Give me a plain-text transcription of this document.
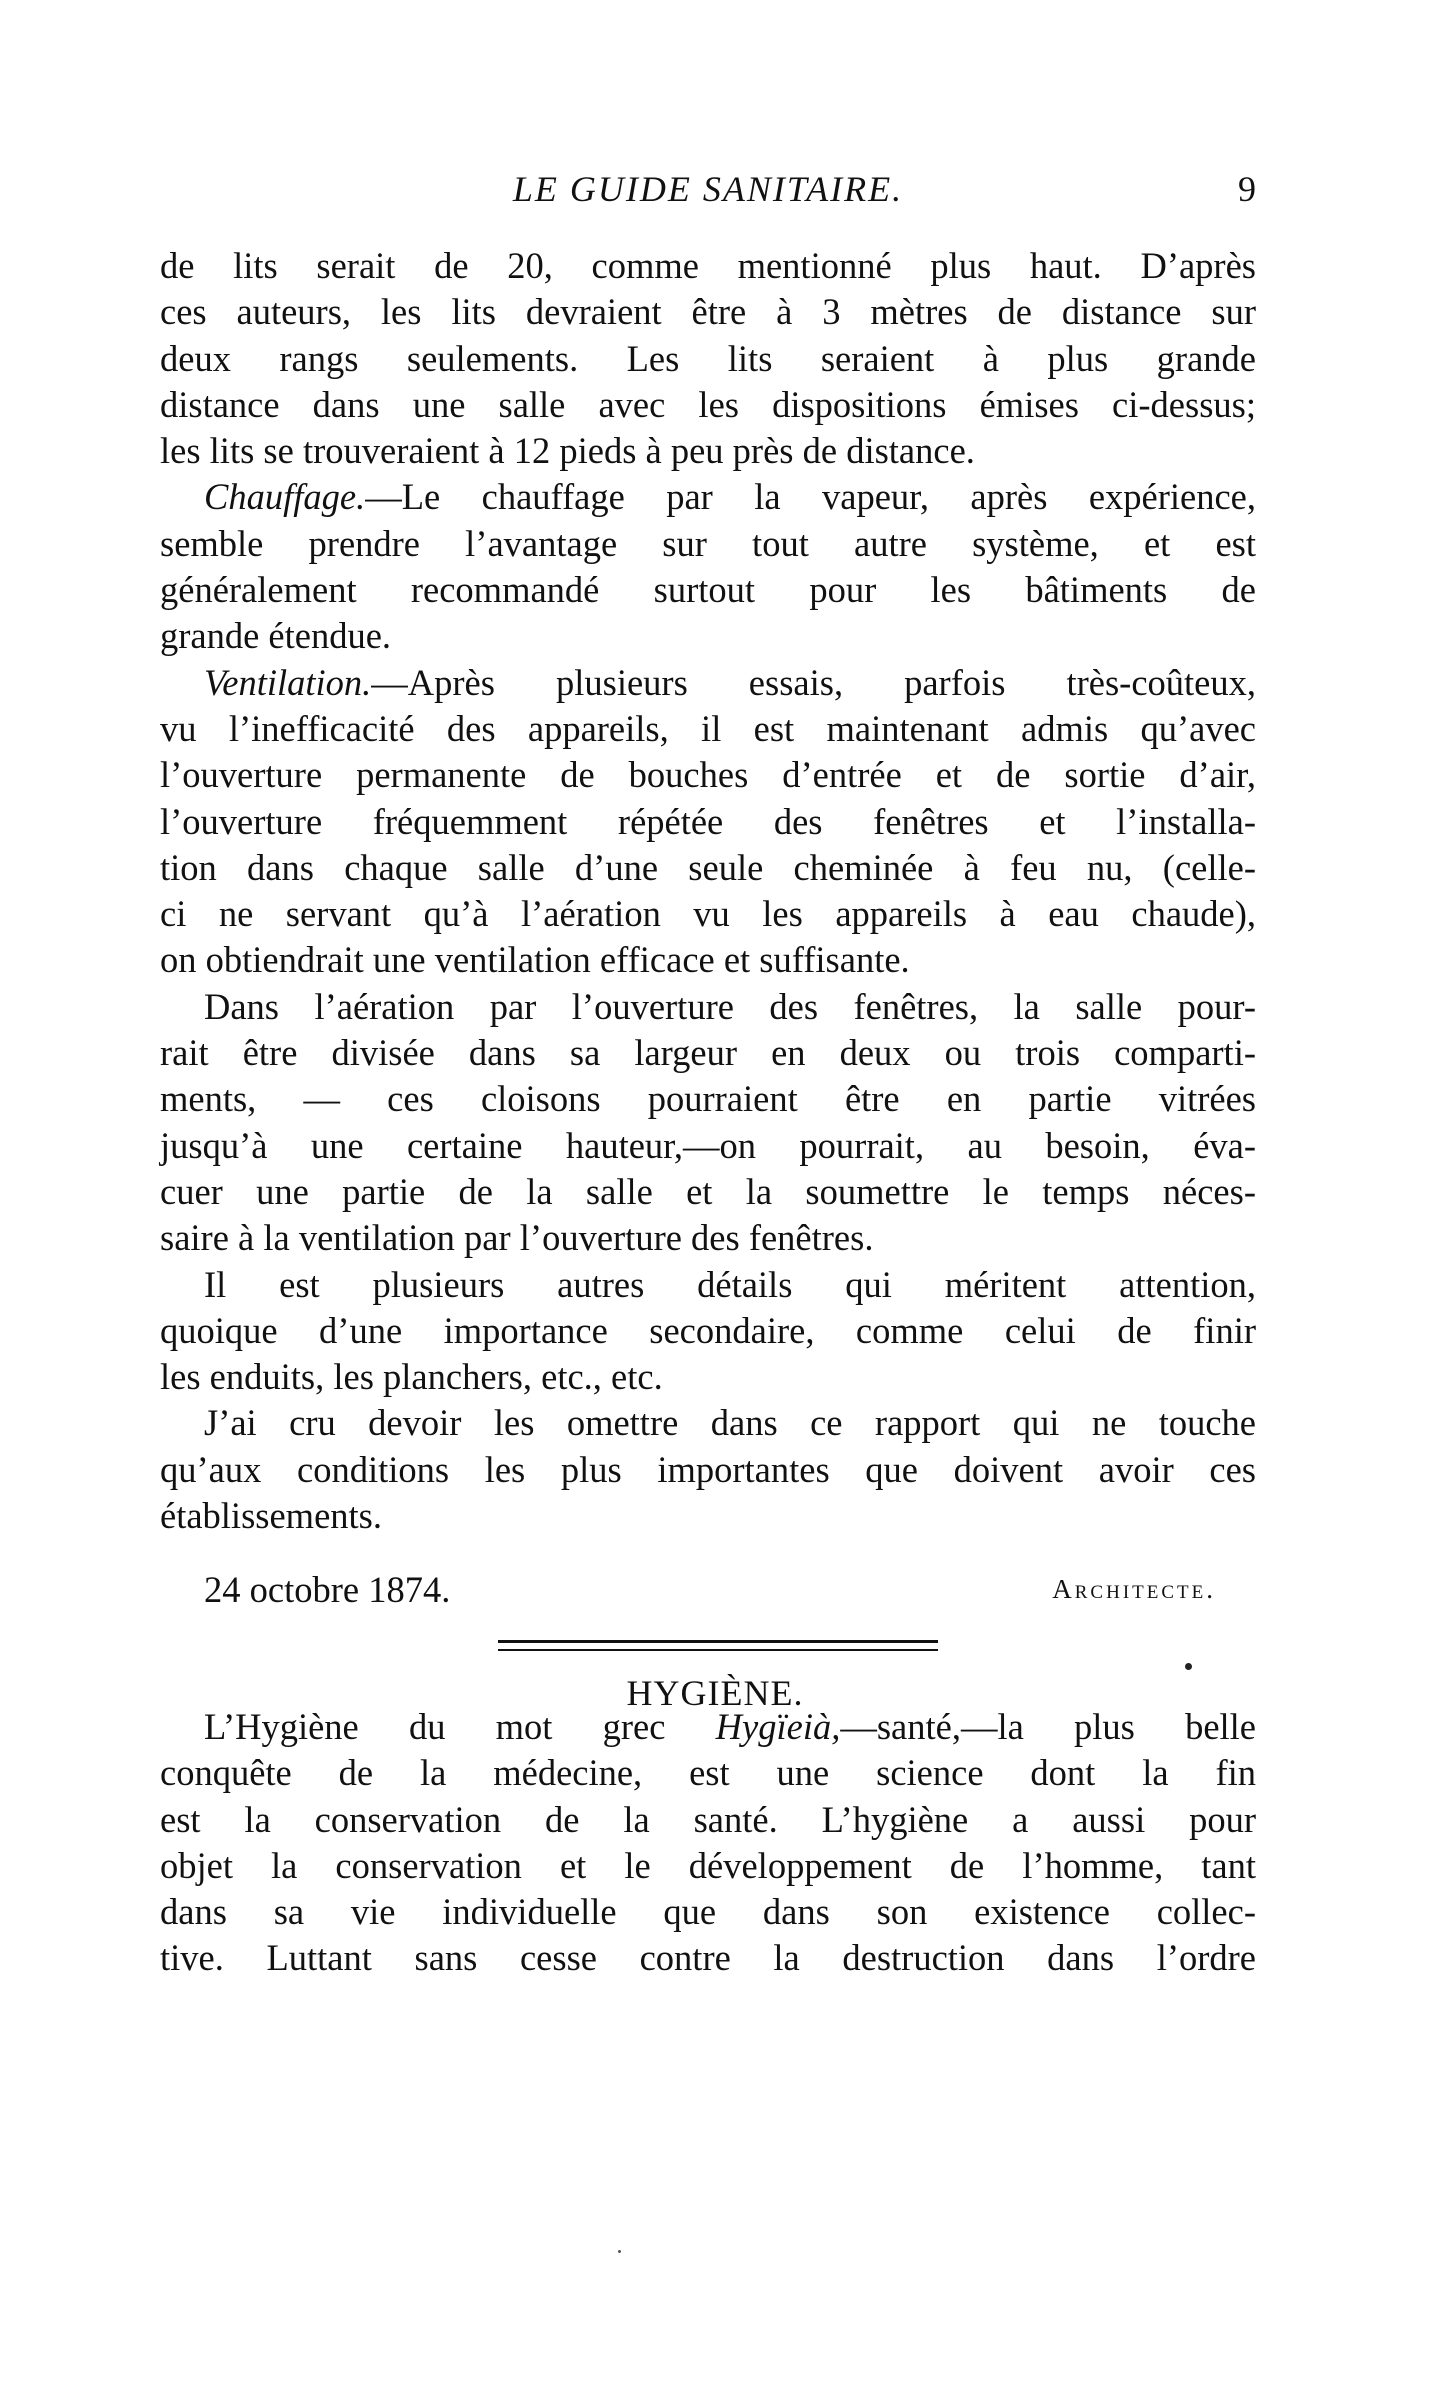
LE GUIDE SANITAIRE.	9

de lits serait de 20, comme mentionné plus haut. D’après

ces auteurs, les lits devraient être à 3 mètres de distance sur

deux rangs seulements. Les lits seraient à plus grande

distance dans une salle avec les dispositions émises ci-dessus;

les lits se trouveraient à 12 pieds à peu près de distance.

Chauffage.—Le chauffage par la vapeur, après expérience,

semble prendre l’avantage sur tout autre système, et est

généralement recommandé surtout pour les bâtiments de

grande étendue.

Ventilation.—Après plusieurs essais, parfois très-coûteux,

vu l’inefficacité des appareils, il est maintenant admis qu’avec

l’ouverture permanente de bouches d’entrée et de sortie d’air,

l’ouverture fréquemment répétée des fenêtres et l’installa-

tion dans chaque salle d’une seule cheminée à feu nu, (celle-

ci ne servant qu’à l’aération vu les appareils à eau chaude),

on obtiendrait une ventilation efficace et suffisante.

Dans l’aération par l’ouverture des fenêtres, la salle pour-

rait être divisée dans sa largeur en deux ou trois comparti-

ments, — ces cloisons pourraient être en partie vitrées

jusqu’à une certaine hauteur,—on pourrait, au besoin, éva-

cuer une partie de la salle et la soumettre le temps néces-

saire à la ventilation par l’ouverture des fenêtres.

Il est plusieurs autres détails qui méritent attention,

quoique d’une importance secondaire, comme celui de finir

les enduits, les planchers, etc., etc.

J’ai cru devoir les omettre dans ce rapport qui ne touche

qu’aux conditions les plus importantes que doivent avoir ces

établissements.

24 octobre 1874.	Architecte.
HYGIÈNE.

L’Hygiène du mot grec Hygïeià,—santé,—la plus belle

conquête de la médecine, est une science dont la fin

est la conservation de la santé. L’hygiène a aussi pour

objet la conservation et le développement de l’homme, tant

dans sa vie individuelle que dans son existence collec-

tive. Luttant sans cesse contre la destruction dans l’ordre
